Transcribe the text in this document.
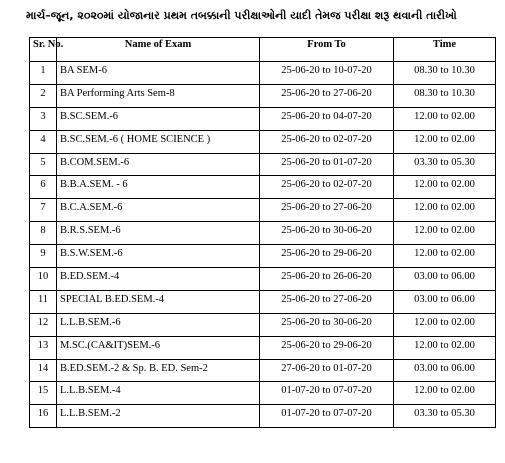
માર્ચ–જૂન, ૨૦૨૦માં યોજાનાર પ્રથમ તબક્કાની પરીક્ષાઓની યાદી તેમજ પરીક્ષા શરૂ થવાની તારીખો
Sr. No.	Name of Exam	From To	Time
1	BA SEM-6	25-06-20 to 10-07-20	08.30 to 10.30
2	BA Performing Arts Sem-8	25-06-20 to 27-06-20	08.30 to 10.30
3	B.SC.SEM.-6	25-06-20 to 04-07-20	12.00 to 02.00
4	B.SC.SEM.-6 ( HOME SCIENCE )	25-06-20 to 02-07-20	12.00 to 02.00
5	B.COM.SEM.-6	25-06-20 to 01-07-20	03.30 to 05.30
6	B.B.A.SEM. - 6	25-06-20 to 02-07-20	12.00 to 02.00
7	B.C.A.SEM.-6	25-06-20 to 27-06-20	12.00 to 02.00
8	B.R.S.SEM.-6	25-06-20 to 30-06-20	12.00 to 02.00
9	B.S.W.SEM.-6	25-06-20 to 29-06-20	12.00 to 02.00
10	B.ED.SEM.-4	25-06-20 to 26-06-20	03.00 to 06.00
11	SPECIAL B.ED.SEM.-4	25-06-20 to 27-06-20	03.00 to 06.00
12	L.L.B.SEM.-6	25-06-20 to 30-06-20	12.00 to 02.00
13	M.SC.(CA&IT)SEM.-6	25-06-20 to 29-06-20	12.00 to 02.00
14	B.ED.SEM.-2 & Sp. B. ED. Sem-2	27-06-20 to 01-07-20	03.00 to 06.00
15	L.L.B.SEM.-4	01-07-20 to 07-07-20	12.00 to 02.00
16	L.L.B.SEM.-2	01-07-20 to 07-07-20	03.30 to 05.30
